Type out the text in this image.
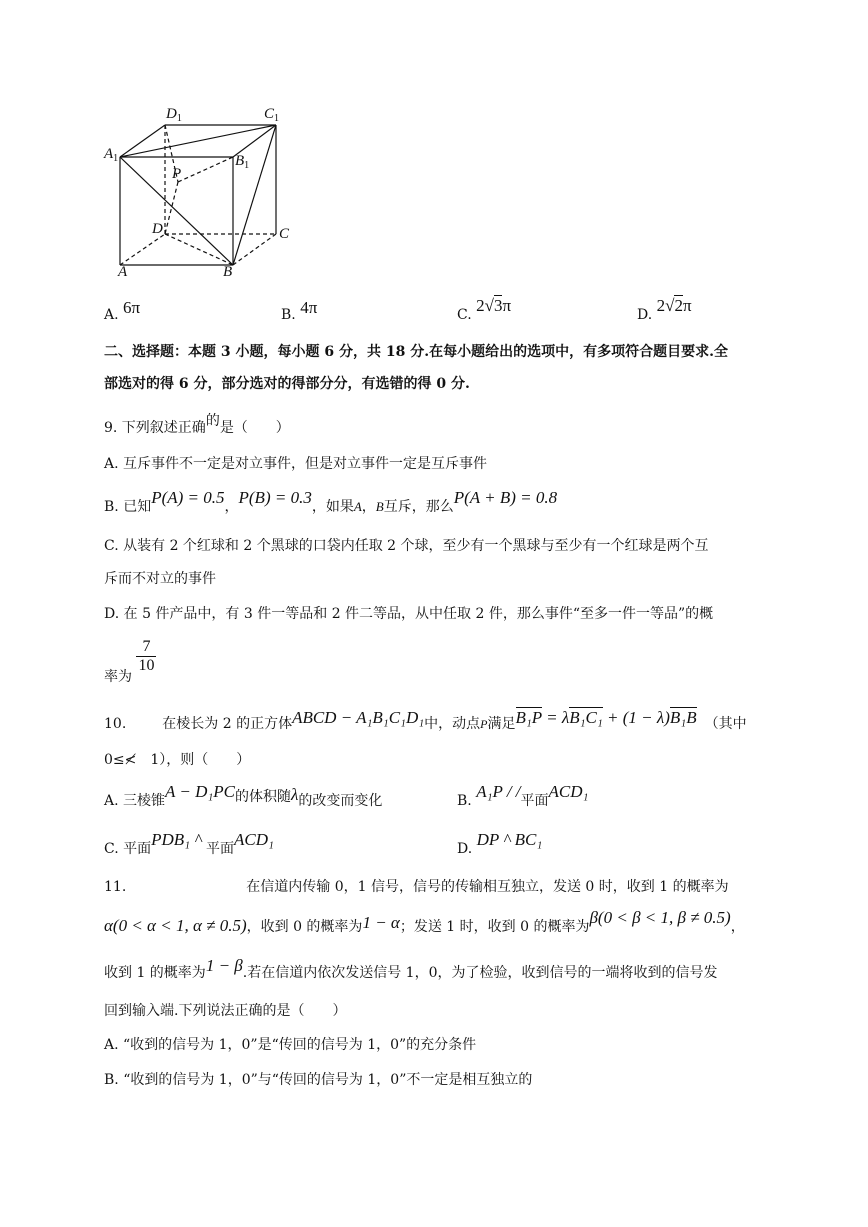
$D_1$	$C_1$
$A_1$	$B_1$
P
D	C
A	B
A. 6π	B. 4π	C. 2√3π	D. 2√2π
二、选择题：本题 3 小题，每小题 6 分，共 18 分.在每小题给出的选项中，有多项符合题目要求.全
部选对的得 6 分，部分选对的得部分分，有选错的得 0 分.
9. 下列叙述正确的是（　　）
A. 互斥事件不一定是对立事件，但是对立事件一定是互斥事件
B. 已知P(A) = 0.5，P(B) = 0.3，如果A，B互斥，那么P(A + B) = 0.8
C. 从装有 2 个红球和 2 个黑球的口袋内任取 2 个球，至少有一个黑球与至少有一个红球是两个互
斥而不对立的事件
D. 在 5 件产品中，有 3 件一等品和 2 件二等品，从中任取 2 件，那么事件“至多一件一等品”的概
率为
$\frac{7}{10}$
10.	在棱长为 2 的正方体ABCD − A₁B₁C₁D₁中，动点P满足B₁P = λB₁C₁ + (1 − λ)B₁B （其中
0≤≮　1），则（　　）
A. 三棱锥A − D₁PC的体积随λ的改变而变化	B. A₁P / /平面ACD₁
C. 平面PDB₁ ^ 平面ACD₁	D. DP ^ BC₁
11.	在信道内传输 0，1 信号，信号的传输相互独立，发送 0 时，收到 1 的概率为
α(0 < α < 1, α ≠ 0.5)，收到 0 的概率为1 − α；发送 1 时，收到 0 的概率为β(0 < β < 1, β ≠ 0.5)，
收到 1 的概率为1 − β.若在信道内依次发送信号 1，0，为了检验，收到信号的一端将收到的信号发
回到输入端.下列说法正确的是（　　）
A. “收到的信号为 1，0”是“传回的信号为 1，0”的充分条件
B. “收到的信号为 1，0”与“传回的信号为 1，0”不一定是相互独立的
